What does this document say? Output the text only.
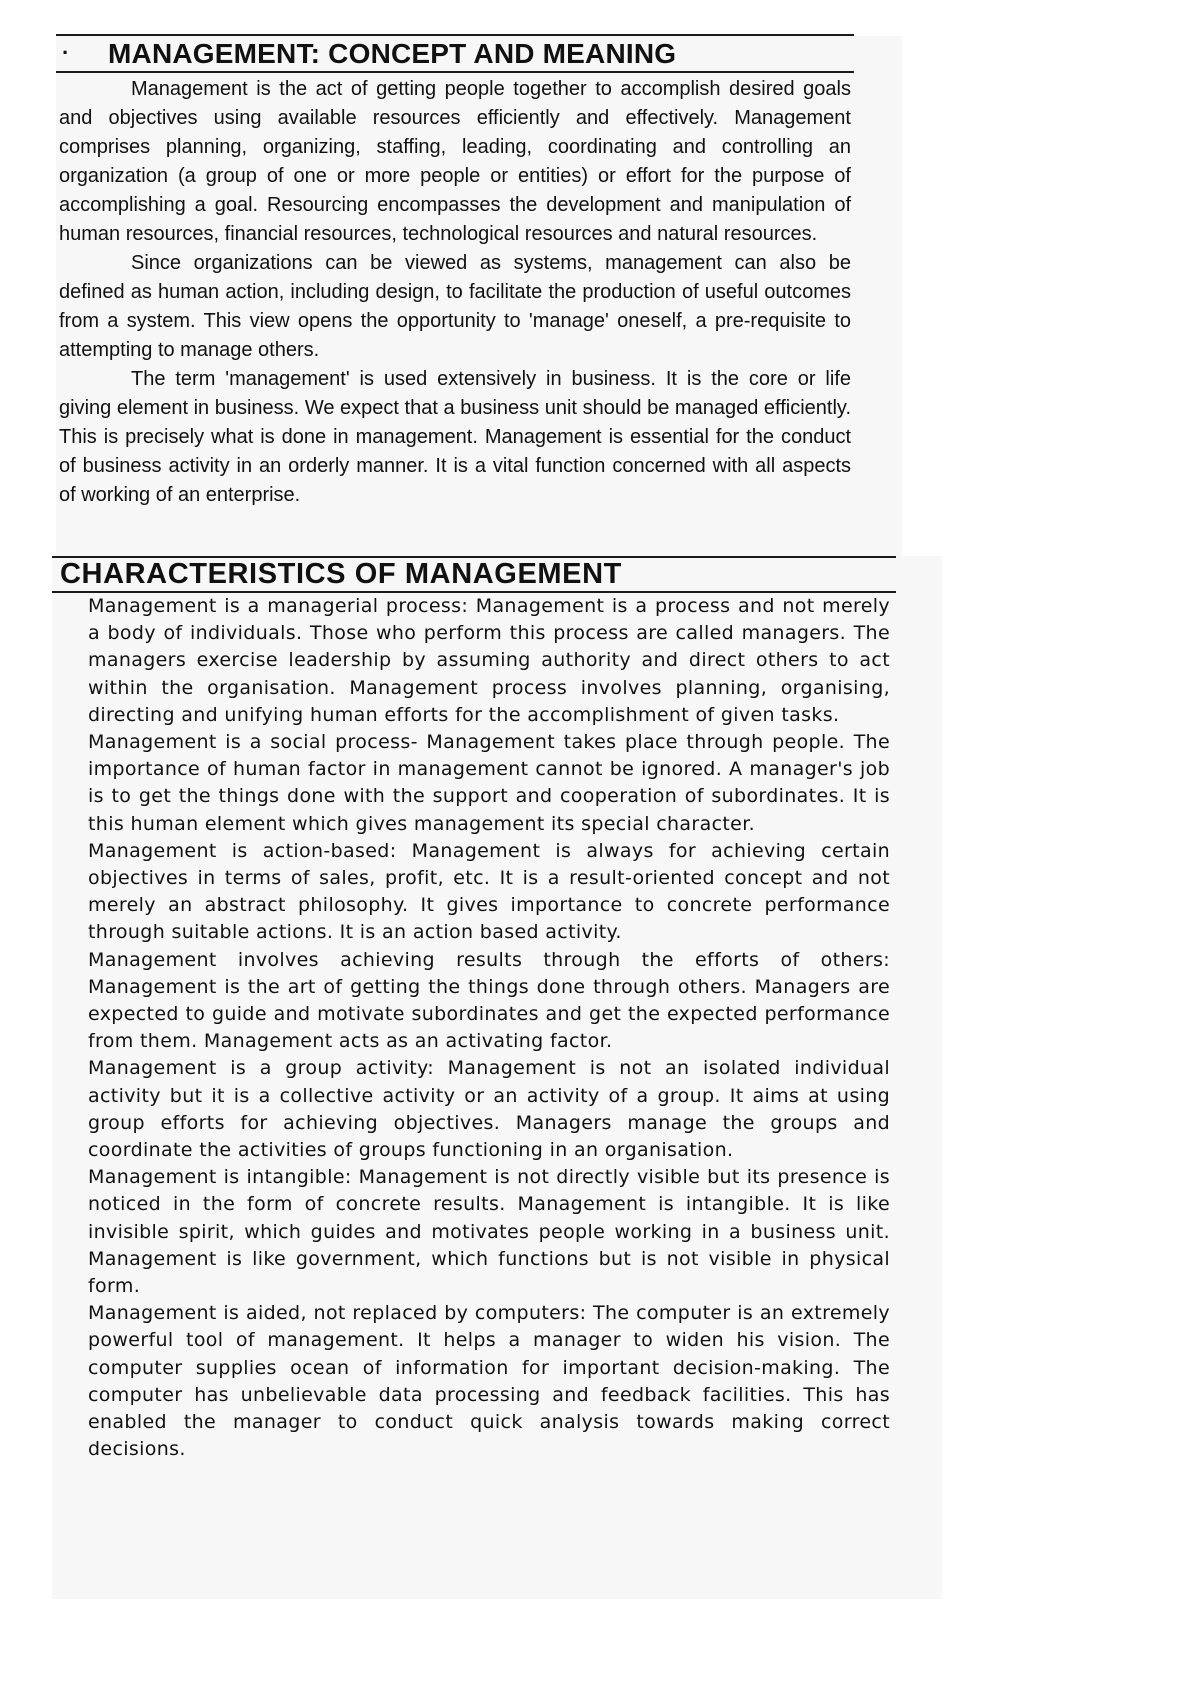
· MANAGEMENT: CONCEPT AND MEANING

Management is the act of getting people together to accomplish desired goals and objectives using available resources efficiently and effectively. Management comprises planning, organizing, staffing, leading, coordinating and controlling an organization (a group of one or more people or entities) or effort for the purpose of accomplishing a goal. Resourcing encompasses the development and manipulation of human resources, financial resources, technological resources and natural resources.

Since organizations can be viewed as systems, management can also be defined as human action, including design, to facilitate the production of useful outcomes from a system. This view opens the opportunity to 'manage' oneself, a pre-requisite to attempting to manage others.

The term 'management' is used extensively in business. It is the core or life giving element in business. We expect that a business unit should be managed efficiently. This is precisely what is done in management. Management is essential for the conduct of business activity in an orderly manner. It is a vital function concerned with all aspects of working of an enterprise.

CHARACTERISTICS OF MANAGEMENT

Management is a managerial process: Management is a process and not merely a body of individuals. Those who perform this process are called managers. The managers exercise leadership by assuming authority and direct others to act within the organisation. Management process involves planning, organising, directing and unifying human efforts for the accomplishment of given tasks.

Management is a social process- Management takes place through people. The importance of human factor in management cannot be ignored. A manager's job is to get the things done with the support and cooperation of subordinates. It is this human element which gives management its special character.

Management is action-based: Management is always for achieving certain objectives in terms of sales, profit, etc. It is a result-oriented concept and not merely an abstract philosophy. It gives importance to concrete performance through suitable actions. It is an action based activity.

Management involves achieving results through the efforts of others: Management is the art of getting the things done through others. Managers are expected to guide and motivate subordinates and get the expected performance from them. Management acts as an activating factor.

Management is a group activity: Management is not an isolated individual activity but it is a collective activity or an activity of a group. It aims at using group efforts for achieving objectives. Managers manage the groups and coordinate the activities of groups functioning in an organisation.

Management is intangible: Management is not directly visible but its presence is noticed in the form of concrete results. Management is intangible. It is like invisible spirit, which guides and motivates people working in a business unit. Management is like government, which functions but is not visible in physical form.

Management is aided, not replaced by computers: The computer is an extremely powerful tool of management. It helps a manager to widen his vision. The computer supplies ocean of information for important decision-making. The computer has unbelievable data processing and feedback facilities. This has enabled the manager to conduct quick analysis towards making correct decisions.
